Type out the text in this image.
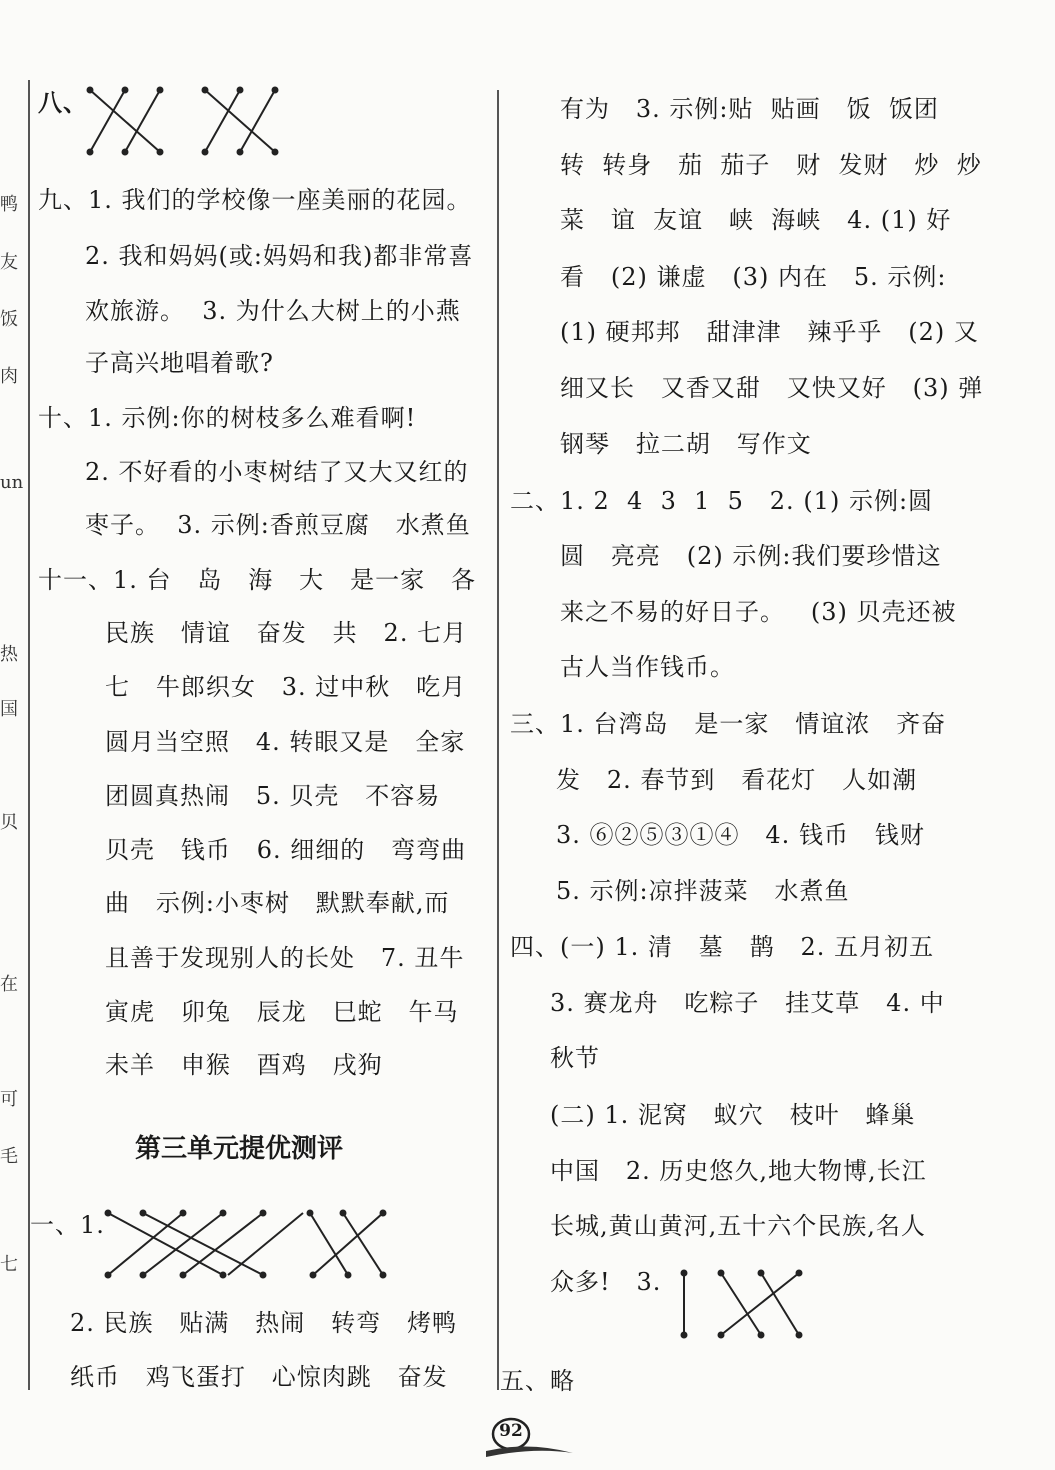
鸭
友
饭
肉
un
热
国
贝
在
可
毛
七
八、
九、1. 我们的学校像一座美丽的花园。
2. 我和妈妈(或:妈妈和我)都非常喜
欢旅游。  3. 为什么大树上的小燕
子高兴地唱着歌?
十、1. 示例:你的树枝多么难看啊!
2. 不好看的小枣树结了又大又红的
枣子。  3. 示例:香煎豆腐   水煮鱼
十一、1. 台   岛   海   大   是一家   各
民族   情谊   奋发   共   2. 七月
七   牛郎织女   3. 过中秋   吃月
圆月当空照   4. 转眼又是   全家
团圆真热闹   5. 贝壳   不容易
贝壳   钱币   6. 细细的   弯弯曲
曲   示例:小枣树   默默奉献,而
且善于发现别人的长处   7. 丑牛
寅虎   卯兔   辰龙   巳蛇   午马
未羊   申猴   酉鸡   戌狗
第三单元提优测评
一、1.
2. 民族   贴满   热闹   转弯   烤鸭
纸币   鸡飞蛋打   心惊肉跳   奋发
有为   3. 示例:贴  贴画   饭  饭团
转  转身   茄  茄子   财  发财   炒  炒
菜   谊  友谊   峡  海峡   4. (1) 好
看   (2) 谦虚   (3) 内在   5. 示例:
(1) 硬邦邦   甜津津   辣乎乎   (2) 又
细又长   又香又甜   又快又好   (3) 弹
钢琴   拉二胡   写作文
二、1. 2  4  3  1  5   2. (1) 示例:圆
圆   亮亮   (2) 示例:我们要珍惜这
来之不易的好日子。   (3) 贝壳还被
古人当作钱币。
三、1. 台湾岛   是一家   情谊浓   齐奋
发   2. 春节到   看花灯   人如潮
3. ⑥②⑤③①④   4. 钱币   钱财
5. 示例:凉拌菠菜   水煮鱼
四、(一) 1. 清   墓   鹊   2. 五月初五
3. 赛龙舟   吃粽子   挂艾草   4. 中
秋节
(二) 1. 泥窝   蚁穴   枝叶   蜂巢
中国   2. 历史悠久,地大物博,长江
长城,黄山黄河,五十六个民族,名人
众多!   3.
五、略
92
